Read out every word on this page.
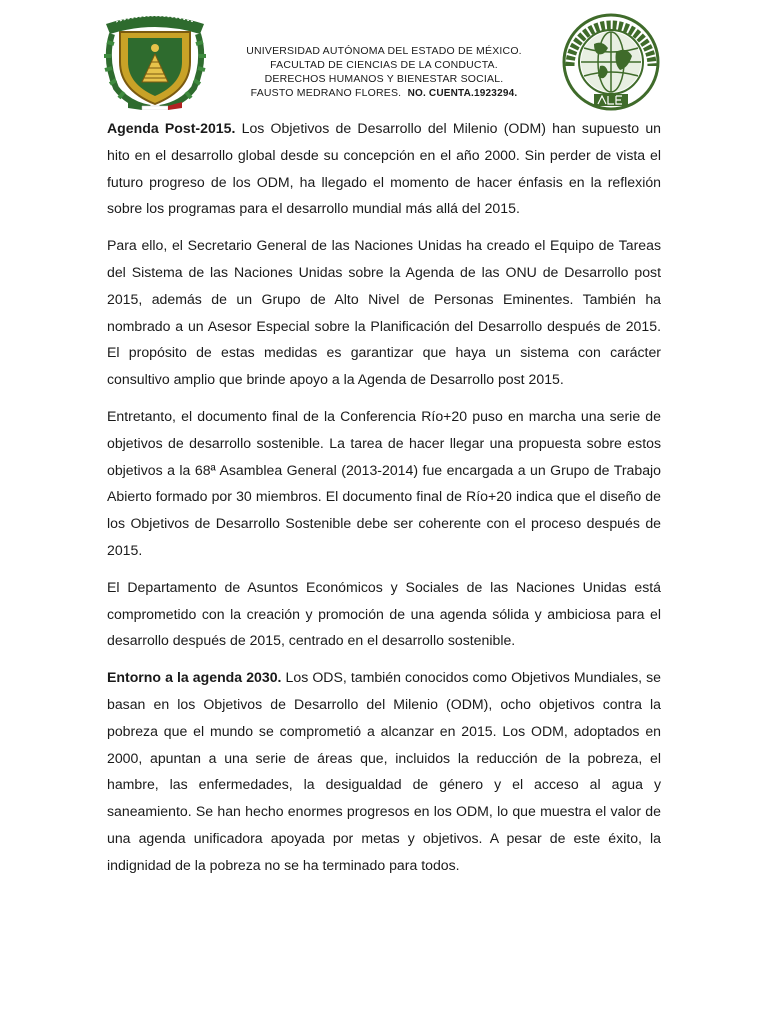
UNIVERSIDAD AUTÓNOMA DEL ESTADO DE MÉXICO.
FACULTAD DE CIENCIAS DE LA CONDUCTA.
DERECHOS HUMANOS Y BIENESTAR SOCIAL.
FAUSTO MEDRANO FLORES. NO. CUENTA.1923294.

Agenda Post-2015. Los Objetivos de Desarrollo del Milenio (ODM) han supuesto un hito en el desarrollo global desde su concepción en el año 2000. Sin perder de vista el futuro progreso de los ODM, ha llegado el momento de hacer énfasis en la reflexión sobre los programas para el desarrollo mundial más allá del 2015.

Para ello, el Secretario General de las Naciones Unidas ha creado el Equipo de Tareas del Sistema de las Naciones Unidas sobre la Agenda de las ONU de Desarrollo post 2015, además de un Grupo de Alto Nivel de Personas Eminentes. También ha nombrado a un Asesor Especial sobre la Planificación del Desarrollo después de 2015. El propósito de estas medidas es garantizar que haya un sistema con carácter consultivo amplio que brinde apoyo a la Agenda de Desarrollo post 2015.

Entretanto, el documento final de la Conferencia Río+20 puso en marcha una serie de objetivos de desarrollo sostenible. La tarea de hacer llegar una propuesta sobre estos objetivos a la 68ª Asamblea General (2013-2014) fue encargada a un Grupo de Trabajo Abierto formado por 30 miembros. El documento final de Río+20 indica que el diseño de los Objetivos de Desarrollo Sostenible debe ser coherente con el proceso después de 2015.

El Departamento de Asuntos Económicos y Sociales de las Naciones Unidas está comprometido con la creación y promoción de una agenda sólida y ambiciosa para el desarrollo después de 2015, centrado en el desarrollo sostenible.

Entorno a la agenda 2030. Los ODS, también conocidos como Objetivos Mundiales, se basan en los Objetivos de Desarrollo del Milenio (ODM), ocho objetivos contra la pobreza que el mundo se comprometió a alcanzar en 2015. Los ODM, adoptados en 2000, apuntan a una serie de áreas que, incluidos la reducción de la pobreza, el hambre, las enfermedades, la desigualdad de género y el acceso al agua y saneamiento. Se han hecho enormes progresos en los ODM, lo que muestra el valor de una agenda unificadora apoyada por metas y objetivos. A pesar de este éxito, la indignidad de la pobreza no se ha terminado para todos.
